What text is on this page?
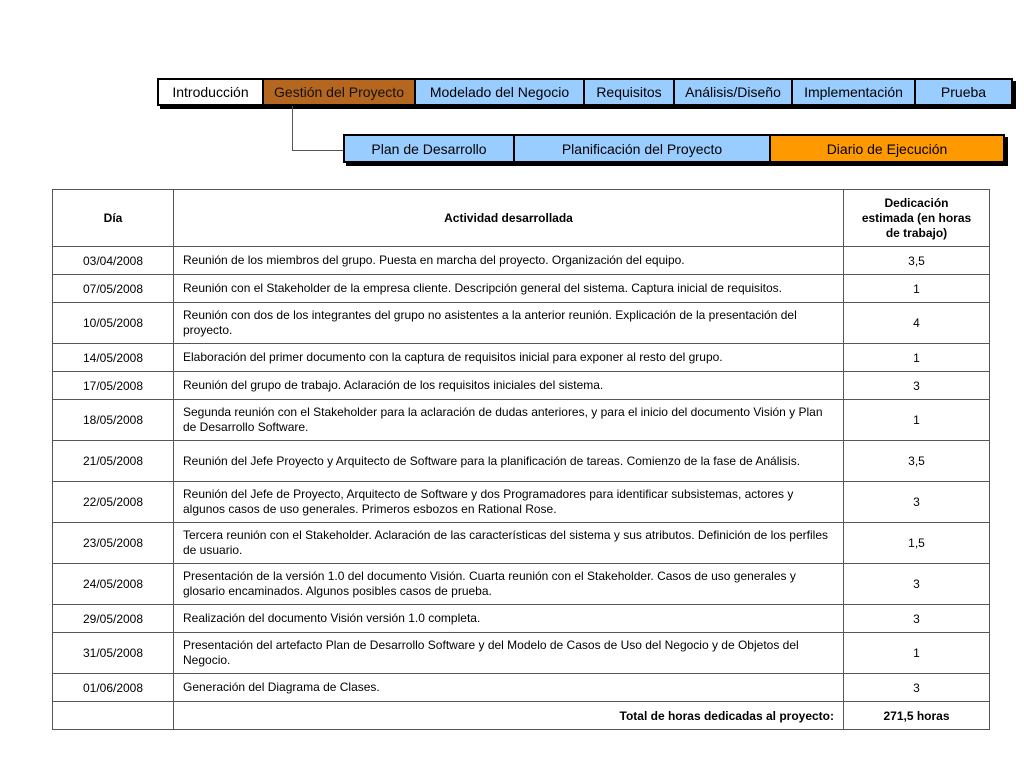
Introducción	Gestión del Proyecto	Modelado del Negocio	Requisitos	Análisis/Diseño	Implementación	Prueba
Plan de Desarrollo	Planificación del Proyecto	Diario de Ejecución
Día	Actividad desarrollada	Dedicación
estimada (en horas
de trabajo)
03/04/2008	Reunión de los miembros del grupo. Puesta en marcha del proyecto. Organización del equipo.	3,5
07/05/2008	Reunión con el Stakeholder de la empresa cliente. Descripción general del sistema. Captura inicial de requisitos.	1
10/05/2008	Reunión con dos de los integrantes del grupo no asistentes a la anterior reunión. Explicación de la presentación del proyecto.	4
14/05/2008	Elaboración del primer documento con la captura de requisitos inicial para exponer al resto del grupo.	1
17/05/2008	Reunión del grupo de trabajo. Aclaración de los requisitos iniciales del sistema.	3
18/05/2008	Segunda reunión con el Stakeholder para la aclaración de dudas anteriores, y para el inicio del documento Visión y Plan de Desarrollo Software.	1
21/05/2008	Reunión del Jefe Proyecto y Arquitecto de Software para la planificación de tareas. Comienzo de la fase de Análisis.	3,5
22/05/2008	Reunión del Jefe de Proyecto, Arquitecto de Software y dos Programadores para identificar subsistemas, actores y algunos casos de uso generales. Primeros esbozos en Rational Rose.	3
23/05/2008	Tercera reunión con el Stakeholder. Aclaración de las características del sistema y sus atributos. Definición de los perfiles de usuario.	1,5
24/05/2008	Presentación de la versión 1.0 del documento Visión. Cuarta reunión con el Stakeholder. Casos de uso generales y glosario encaminados. Algunos posibles casos de prueba.	3
29/05/2008	Realización del documento Visión versión 1.0 completa.	3
31/05/2008	Presentación del artefacto Plan de Desarrollo Software y del Modelo de Casos de Uso del Negocio y de Objetos del Negocio.	1
01/06/2008	Generación del Diagrama de Clases.	3
	Total de horas dedicadas al proyecto:	271,5 horas
